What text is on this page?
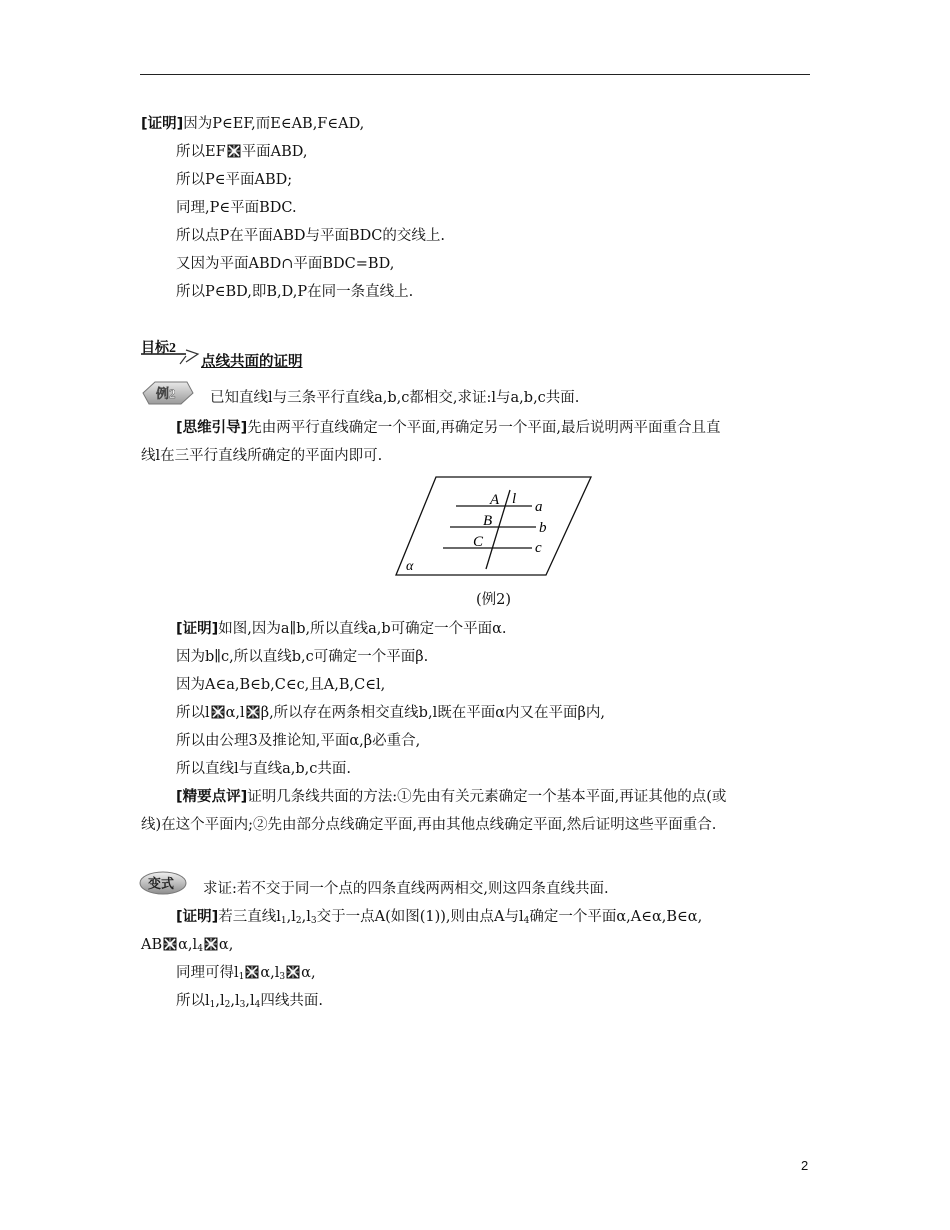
[证明]因为P∈EF,而E∈AB,F∈AD,
所以EF 平面ABD,
所以P∈平面ABD;
同理,P∈平面BDC.
所以点P在平面ABD与平面BDC的交线上.
又因为平面ABD∩平面BDC=BD,
所以P∈BD,即B,D,P在同一条直线上.
目标2
点线共面的证明
例2 已知直线l与三条平行直线a,b,c都相交,求证:l与a,b,c共面.
[思维引导]先由两平行直线确定一个平面,再确定另一个平面,最后说明两平面重合且直
线l在三平行直线所确定的平面内即可.
A l a
B	b
C	c
α
(例2)
[证明]如图,因为a∥b,所以直线a,b可确定一个平面α.
因为b∥c,所以直线b,c可确定一个平面β.
因为A∈a,B∈b,C∈c,且A,B,C∈l,
所以l α,l β,所以存在两条相交直线b,l既在平面α内又在平面β内,
所以由公理3及推论知,平面α,β必重合,
所以直线l与直线a,b,c共面.
[精要点评]证明几条线共面的方法:①先由有关元素确定一个基本平面,再证其他的点(或
线)在这个平面内;②先由部分点线确定平面,再由其他点线确定平面,然后证明这些平面重合.
变式 求证:若不交于同一个点的四条直线两两相交,则这四条直线共面.
[证明]若三直线$l_1,l_2,l_3$交于一点A(如图(1)),则由点A与$l_4$确定一个平面α,A∈α,B∈α,
AB $\alpha,l_4$ α,
同理可得$l_1$ $\alpha,l_3$ α,
所以$l_1,l_2,l_3,l_4$四线共面.
2
